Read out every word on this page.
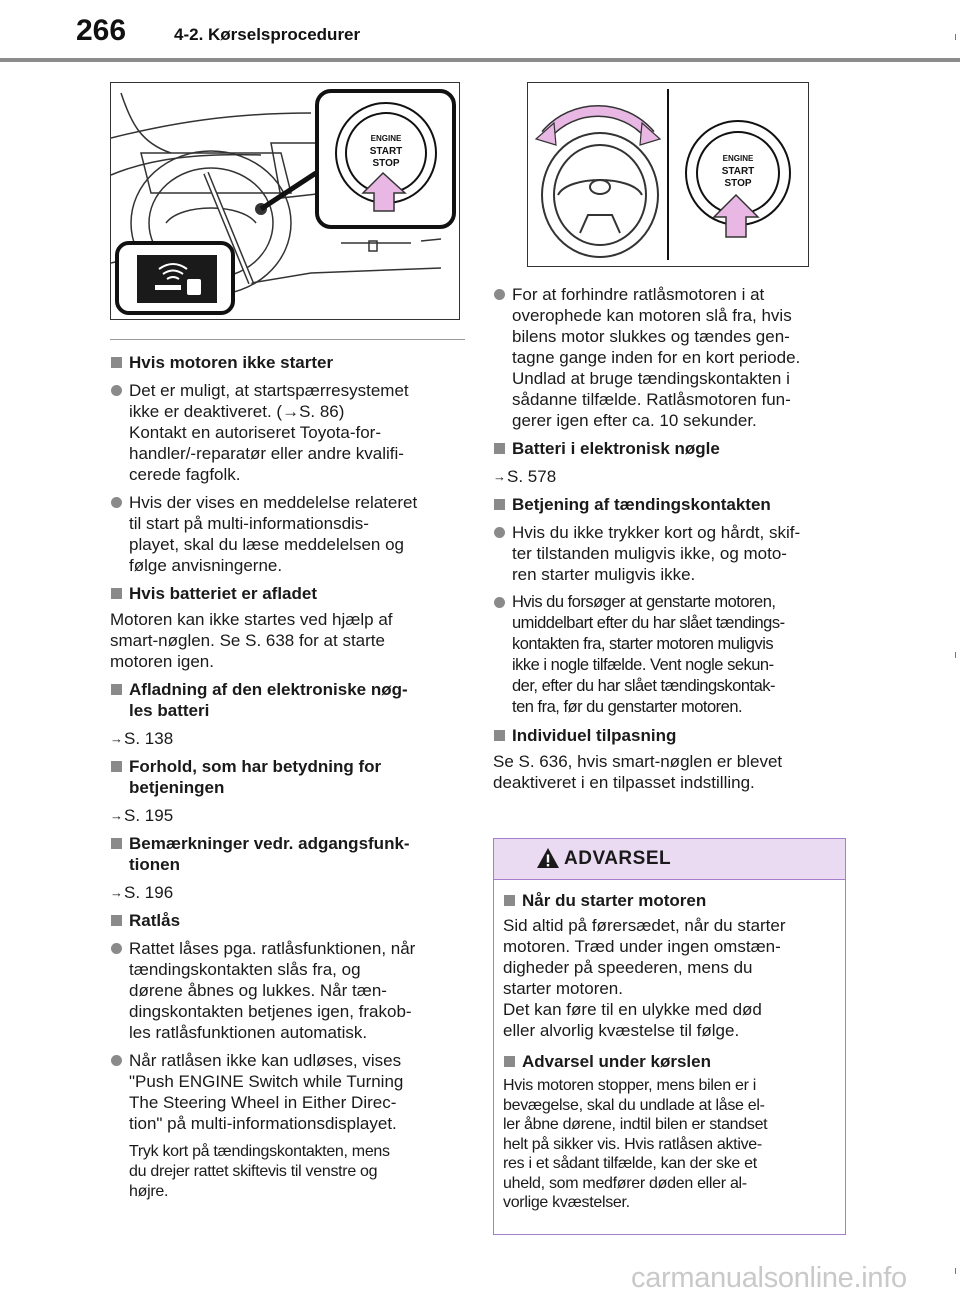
266	4-2. Kørselsprocedurer
ENGINE
START
STOP	ENGINE
START
STOP
Hvis motoren ikke starter
Det er muligt, at startspærresystemet
ikke er deaktiveret. (→S. 86)
Kontakt en autoriseret Toyota-for-
handler/-reparatør eller andre kvalifi-
cerede fagfolk.
Hvis der vises en meddelelse relateret
til start på multi-informationsdis-
playet, skal du læse meddelelsen og
følge anvisningerne.
Hvis batteriet er afladet
Motoren kan ikke startes ved hjælp af
smart-nøglen. Se S. 638 for at starte
motoren igen.
Afladning af den elektroniske nøg-
les batteri
→S. 138
Forhold, som har betydning for
betjeningen
→S. 195
Bemærkninger vedr. adgangsfunk-
tionen
→S. 196
Ratlås
Rattet låses pga. ratlåsfunktionen, når
tændingskontakten slås fra, og
dørene åbnes og lukkes. Når tæn-
dingskontakten betjenes igen, frakob-
les ratlåsfunktionen automatisk.
Når ratlåsen ikke kan udløses, vises
"Push ENGINE Switch while Turning
The Steering Wheel in Either Direc-
tion" på multi-informationsdisplayet.
Tryk kort på tændingskontakten, mens
du drejer rattet skiftevis til venstre og
højre.
For at forhindre ratlåsmotoren i at
overophede kan motoren slå fra, hvis
bilens motor slukkes og tændes gen-
tagne gange inden for en kort periode.
Undlad at bruge tændingskontakten i
sådanne tilfælde. Ratlåsmotoren fun-
gerer igen efter ca. 10 sekunder.
Batteri i elektronisk nøgle
→S. 578
Betjening af tændingskontakten
Hvis du ikke trykker kort og hårdt, skif-
ter tilstanden muligvis ikke, og moto-
ren starter muligvis ikke.
Hvis du forsøger at genstarte motoren,
umiddelbart efter du har slået tændings-
kontakten fra, starter motoren muligvis
ikke i nogle tilfælde. Vent nogle sekun-
der, efter du har slået tændingskontak-
ten fra, før du genstarter motoren.
Individuel tilpasning
Se S. 636, hvis smart-nøglen er blevet
deaktiveret i en tilpasset indstilling.
ADVARSEL
Når du starter motoren
Sid altid på førersædet, når du starter
motoren. Træd under ingen omstæn-
digheder på speederen, mens du
starter motoren.
Det kan føre til en ulykke med død
eller alvorlig kvæstelse til følge.
Advarsel under kørslen
Hvis motoren stopper, mens bilen er i
bevægelse, skal du undlade at låse el-
ler åbne dørene, indtil bilen er standset
helt på sikker vis. Hvis ratlåsen aktive-
res i et sådant tilfælde, kan der ske et
uheld, som medfører døden eller al-
vorlige kvæstelser.
carmanualsonline.info
